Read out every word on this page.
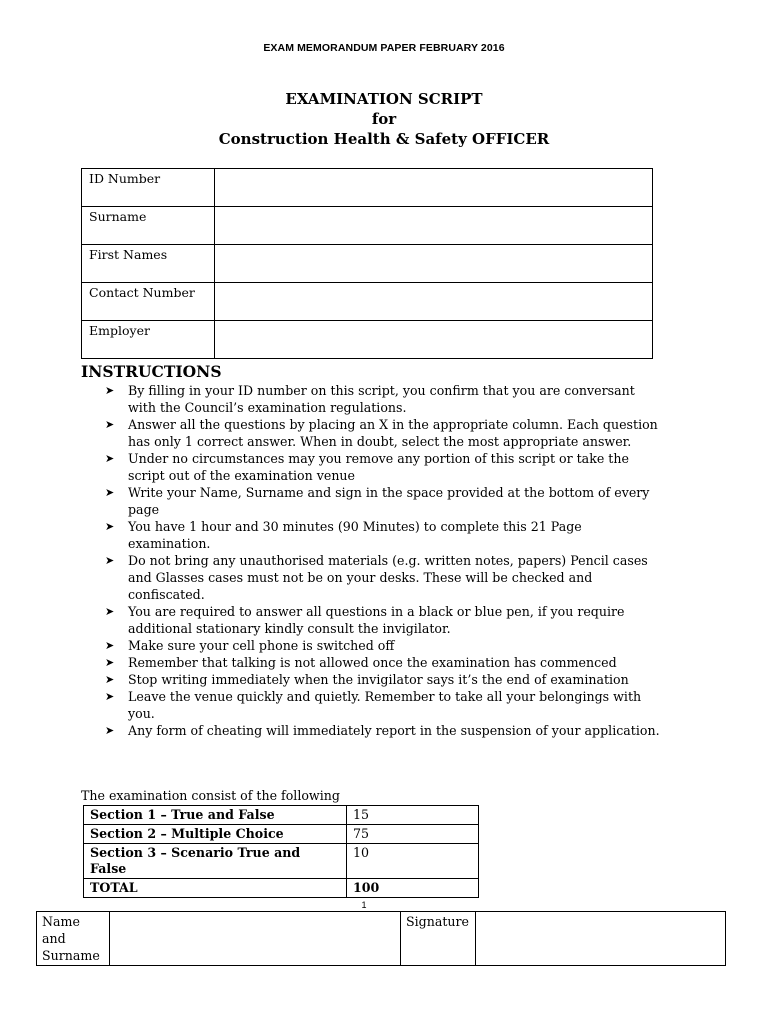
EXAM MEMORANDUM PAPER FEBRUARY 2016
EXAMINATION SCRIPT
for
Construction Health & Safety OFFICER
ID Number	
Surname	
First Names	
Contact Number	
Employer	
INSTRUCTIONS
➤ By filling in your ID number on this script, you confirm that you are conversant with the Council’s examination regulations.
➤ Answer all the questions by placing an X in the appropriate column. Each question has only 1 correct answer. When in doubt, select the most appropriate answer.
➤ Under no circumstances may you remove any portion of this script or take the script out of the examination venue
➤ Write your Name, Surname and sign in the space provided at the bottom of every page
➤ You have 1 hour and 30 minutes (90 Minutes) to complete this 21 Page examination.
➤ Do not bring any unauthorised materials (e.g. written notes, papers) Pencil cases and Glasses cases must not be on your desks. These will be checked and confiscated.
➤ You are required to answer all questions in a black or blue pen, if you require additional stationary kindly consult the invigilator.
➤ Make sure your cell phone is switched off
➤ Remember that talking is not allowed once the examination has commenced
➤ Stop writing immediately when the invigilator says it’s the end of examination
➤ Leave the venue quickly and quietly. Remember to take all your belongings with you.
➤ Any form of cheating will immediately report in the suspension of your application.
The examination consist of the following
Section 1 – True and False	15
Section 2 – Multiple Choice	75
Section 3 – Scenario True and False	10
TOTAL	100
1
Name and Surname		Signature	
